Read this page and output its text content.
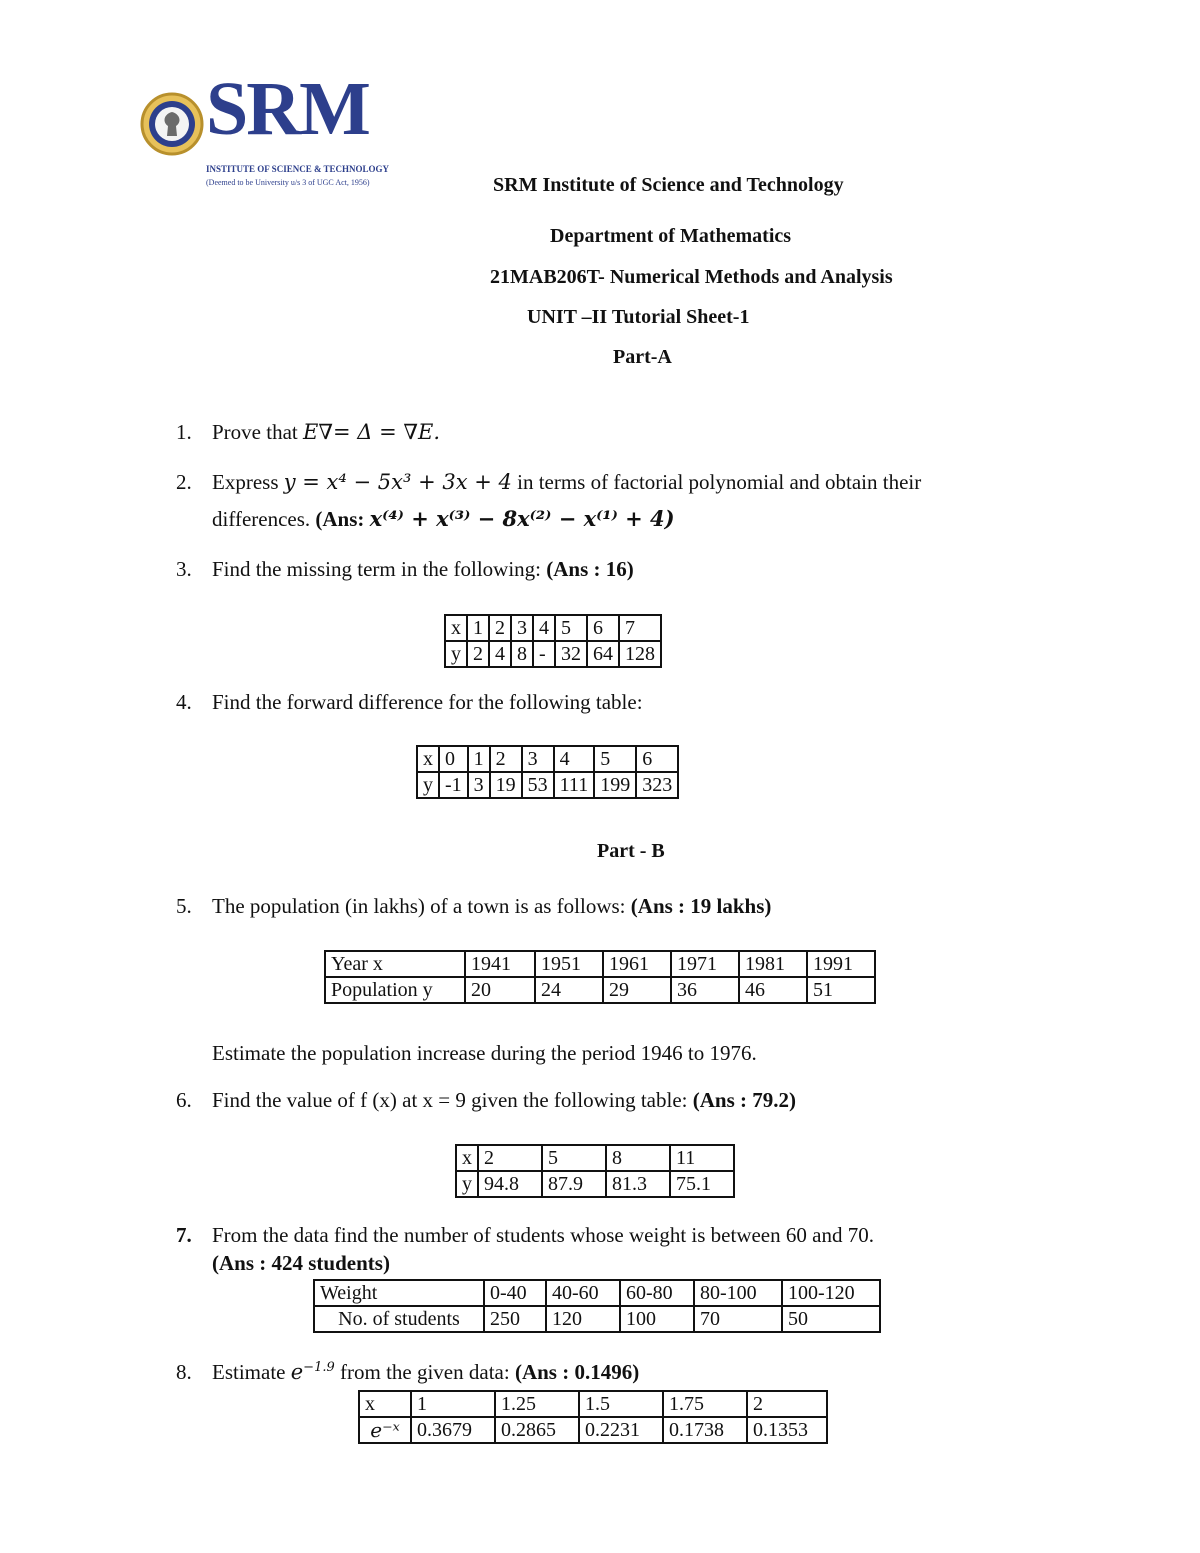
SRM
INSTITUTE OF SCIENCE & TECHNOLOGY
(Deemed to be University u/s 3 of UGC Act, 1956)	SRM Institute of Science and Technology
Department of Mathematics
21MAB206T- Numerical Methods and Analysis
UNIT –II Tutorial Sheet-1
Part-A
1. Prove that E∇= Δ = ∇E.
2. Express y = x⁴ − 5x³ + 3x + 4 in terms of factorial polynomial and obtain their
differences. (Ans: x⁽⁴⁾ + x⁽³⁾ − 8x⁽²⁾ − x⁽¹⁾ + 4)
3. Find the missing term in the following: (Ans : 16)
x	1	2	3	4	5	6	7
y	2	4	8	-	32	64	128
4. Find the forward difference for the following table:
x	0	1	2	3	4	5	6
y	-1	3	19	53	111	199	323
Part - B
5. The population (in lakhs) of a town is as follows: (Ans : 19 lakhs)
Year x	1941	1951	1961	1971	1981	1991
Population y	20	24	29	36	46	51
Estimate the population increase during the period 1946 to 1976.
6. Find the value of f (x) at x = 9 given the following table: (Ans : 79.2)
x	2	5	8	11
y	94.8	87.9	81.3	75.1
7. From the data find the number of students whose weight is between 60 and 70.
(Ans : 424 students)
Weight	0-40	40-60	60-80	80-100	100-120
No. of students	250	120	100	70	50
8. Estimate $e^{-1.9}$ from the given data: (Ans : 0.1496)
x	1	1.25	1.5	1.75	2
e⁻ˣ	0.3679	0.2865	0.2231	0.1738	0.1353
